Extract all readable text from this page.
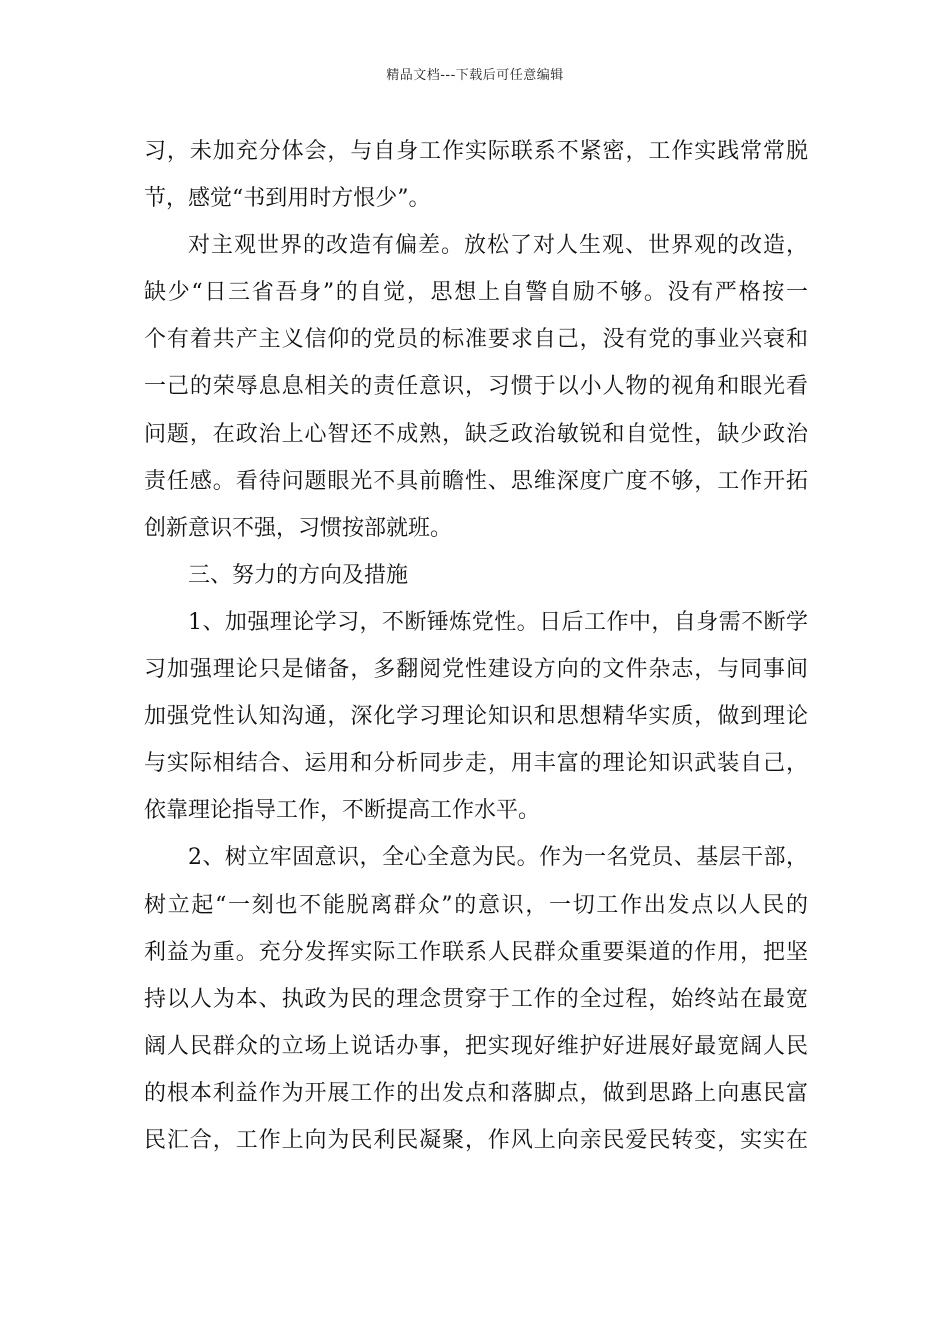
精品文档---下载后可任意编辑
习，未加充分体会，与自身工作实际联系不紧密，工作实践常常脱
节，感觉“书到用时方恨少”。
对主观世界的改造有偏差。放松了对人生观、世界观的改造，
缺少“日三省吾身”的自觉，思想上自警自励不够。没有严格按一
个有着共产主义信仰的党员的标准要求自己，没有党的事业兴衰和
一己的荣辱息息相关的责任意识，习惯于以小人物的视角和眼光看
问题，在政治上心智还不成熟，缺乏政治敏锐和自觉性，缺少政治
责任感。看待问题眼光不具前瞻性、思维深度广度不够，工作开拓
创新意识不强，习惯按部就班。
三、努力的方向及措施
1、加强理论学习，不断锤炼党性。日后工作中，自身需不断学
习加强理论只是储备，多翻阅党性建设方向的文件杂志，与同事间
加强党性认知沟通，深化学习理论知识和思想精华实质，做到理论
与实际相结合、运用和分析同步走，用丰富的理论知识武装自己，
依靠理论指导工作，不断提高工作水平。
2、树立牢固意识，全心全意为民。作为一名党员、基层干部，
树立起“一刻也不能脱离群众”的意识，一切工作出发点以人民的
利益为重。充分发挥实际工作联系人民群众重要渠道的作用，把坚
持以人为本、执政为民的理念贯穿于工作的全过程，始终站在最宽
阔人民群众的立场上说话办事，把实现好维护好进展好最宽阔人民
的根本利益作为开展工作的出发点和落脚点，做到思路上向惠民富
民汇合，工作上向为民利民凝聚，作风上向亲民爱民转变，实实在
